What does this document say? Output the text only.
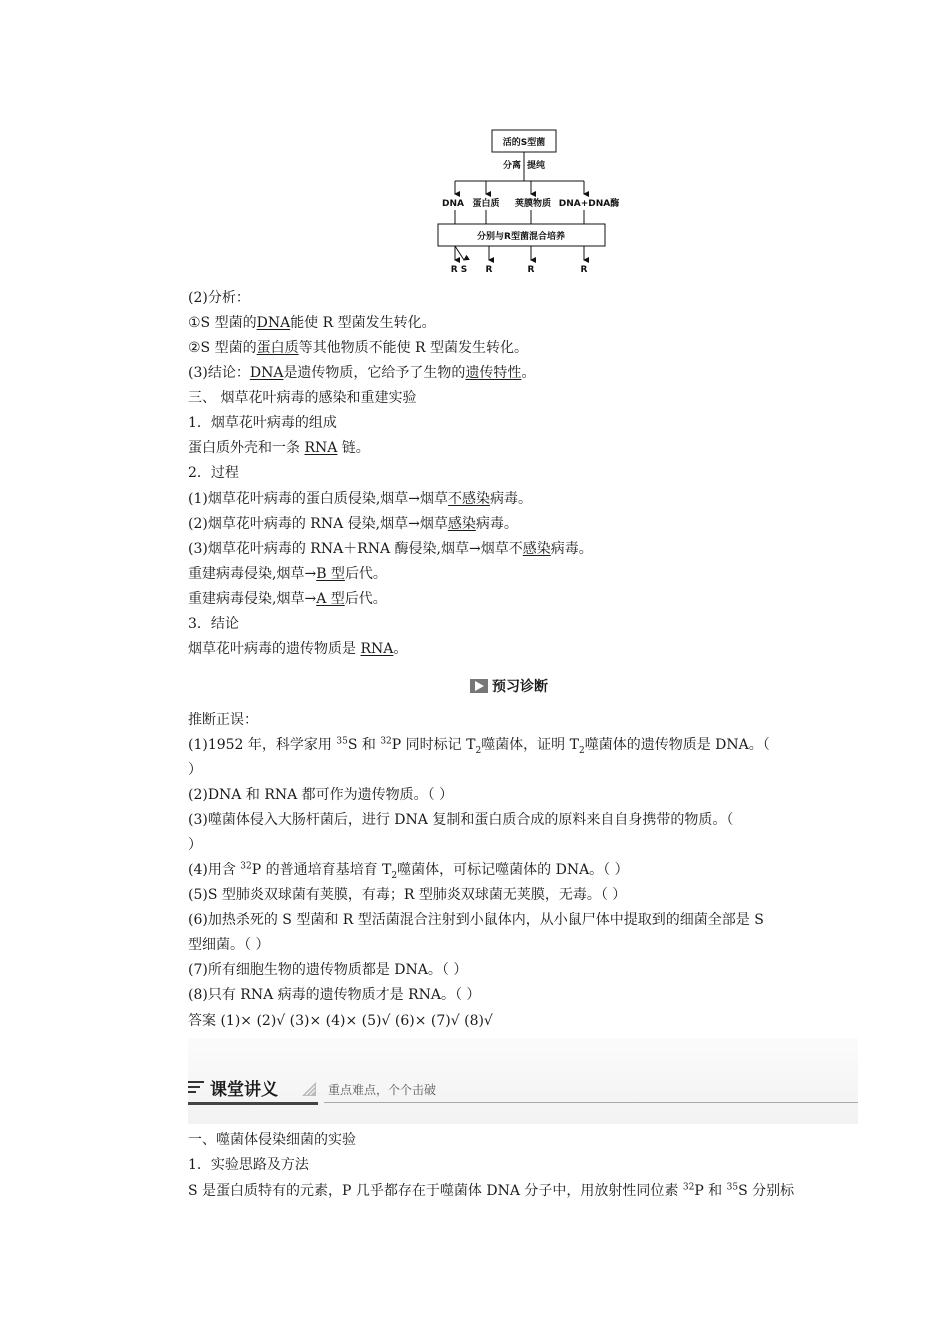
活的S型菌
分离 提纯
DNA 蛋白质 荚膜物质 DNA+DNA酶
分别与R型菌混合培养
R S R	R	R
(2)分析：
①S 型菌的DNA能使 R 型菌发生转化。
②S 型菌的蛋白质等其他物质不能使 R 型菌发生转化。
(3)结论：DNA是遗传物质，它给予了生物的遗传特性。
三、 烟草花叶病毒的感染和重建实验
1．烟草花叶病毒的组成
蛋白质外壳和一条 RNA 链。
2．过程
(1)烟草花叶病毒的蛋白质侵染,烟草→烟草不感染病毒。
(2)烟草花叶病毒的 RNA 侵染,烟草→烟草感染病毒。
(3)烟草花叶病毒的 RNA＋RNA 酶侵染,烟草→烟草不感染病毒。
重建病毒侵染,烟草→B 型后代。
重建病毒侵染,烟草→A 型后代。
3．结论
烟草花叶病毒的遗传物质是 RNA。
预习诊断
推断正误：
(1)1952 年，科学家用 $^{35}$S 和 $^{32}$P 同时标记 $T_2$噬菌体，证明 $T_2$噬菌体的遗传物质是 DNA。（
）
(2)DNA 和 RNA 都可作为遗传物质。（ ）
(3)噬菌体侵入大肠杆菌后，进行 DNA 复制和蛋白质合成的原料来自自身携带的物质。（
）
(4)用含 $^{32}$P 的普通培育基培育 $T_2$噬菌体，可标记噬菌体的 DNA。（ ）
(5)S 型肺炎双球菌有荚膜，有毒；R 型肺炎双球菌无荚膜，无毒。（ ）
(6)加热杀死的 S 型菌和 R 型活菌混合注射到小鼠体内，从小鼠尸体中提取到的细菌全部是 S
型细菌。（ ）
(7)所有细胞生物的遗传物质都是 DNA。（ ）
(8)只有 RNA 病毒的遗传物质才是 RNA。（ ）
答案 (1)× (2)√ (3)× (4)× (5)√ (6)× (7)√ (8)√
课堂讲义	重点难点，个个击破
一、噬菌体侵染细菌的实验
1．实验思路及方法
S 是蛋白质特有的元素，P 几乎都存在于噬菌体 DNA 分子中，用放射性同位素 $^{32}$P 和 $^{35}$S 分别标
